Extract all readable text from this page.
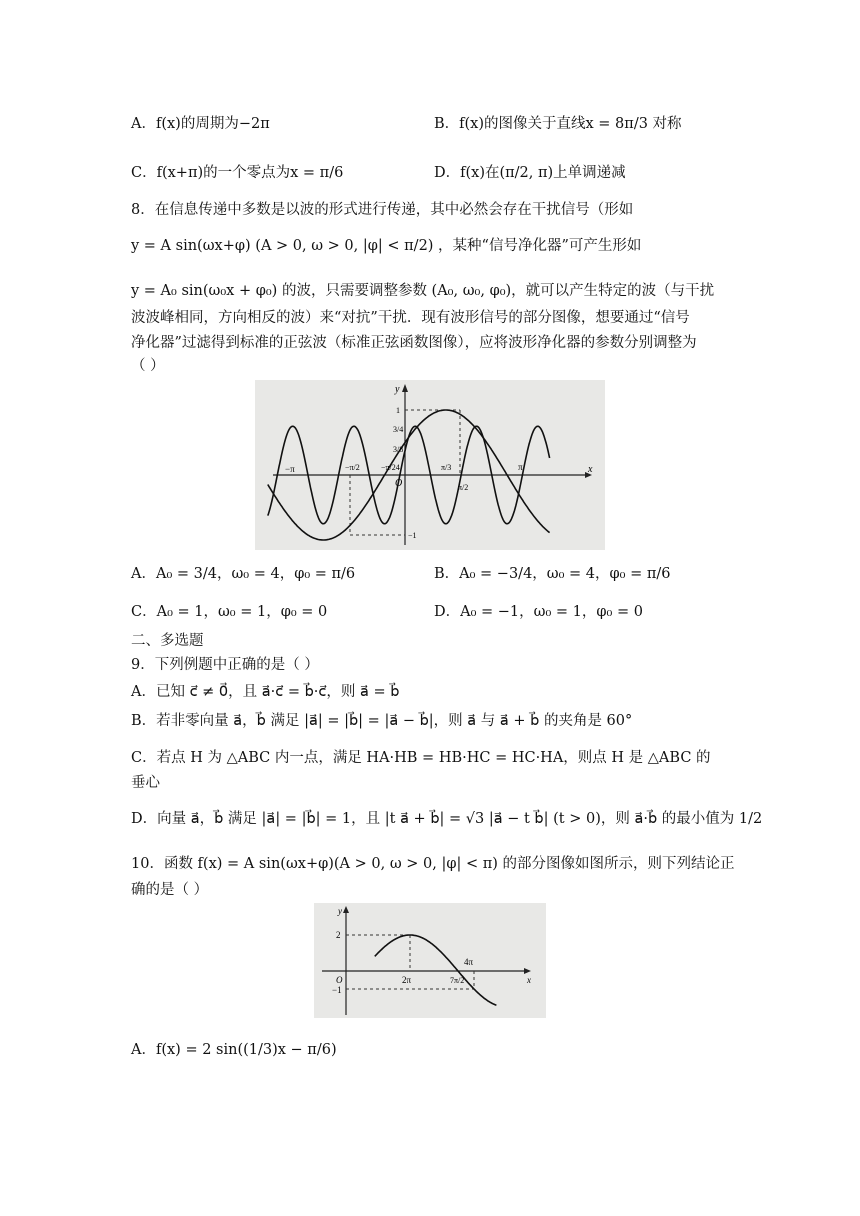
A．f(x)的周期为−2π	B．f(x)的图像关于直线x = 8π/3 对称
C．f(x+π)的一个零点为x = π/6	D．f(x)在(π/2, π)上单调递减
8．在信息传递中多数是以波的形式进行传递，其中必然会存在干扰信号（形如
y = A sin(ωx+φ) (A > 0, ω > 0, |φ| < π/2) ，某种“信号净化器”可产生形如
y = A₀ sin(ω₀x + φ₀) 的波，只需要调整参数 (A₀, ω₀, φ₀)，就可以产生特定的波（与干扰
波波峰相同，方向相反的波）来“对抗”干扰．现有波形信号的部分图像，想要通过“信号
净化器”过滤得到标准的正弦波（标准正弦函数图像），应将波形净化器的参数分别调整为
（ ）
y
x
O
1
3/4
3/8
−1
−π	−π/2	−π/24	π/3
π/2
π
A．A₀ = 3/4，ω₀ = 4，φ₀ = π/6	B．A₀ = −3/4，ω₀ = 4，φ₀ = π/6
C．A₀ = 1，ω₀ = 1，φ₀ = 0	D．A₀ = −1，ω₀ = 1，φ₀ = 0
二、多选题
9．下列例题中正确的是（ ）
A．已知 c⃗ ≠ 0⃗，且 a⃗·c⃗ = b⃗·c⃗，则 a⃗ = b⃗
B．若非零向量 a⃗，b⃗ 满足 |a⃗| = |b⃗| = |a⃗ − b⃗|，则 a⃗ 与 a⃗ + b⃗ 的夹角是 60°
C．若点 H 为 △ABC 内一点，满足 HA·HB = HB·HC = HC·HA，则点 H 是 △ABC 的
垂心
D．向量 a⃗，b⃗ 满足 |a⃗| = |b⃗| = 1，且 |t a⃗ + b⃗| = √3 |a⃗ − t b⃗| (t > 0)，则 a⃗·b⃗ 的最小值为 1/2
10．函数 f(x) = A sin(ωx+φ)(A > 0, ω > 0, |φ| < π) 的部分图像如图所示，则下列结论正
确的是（ ）
y
x
O
2
−1
2π
4π
7π/2
A．f(x) = 2 sin((1/3)x − π/6)
